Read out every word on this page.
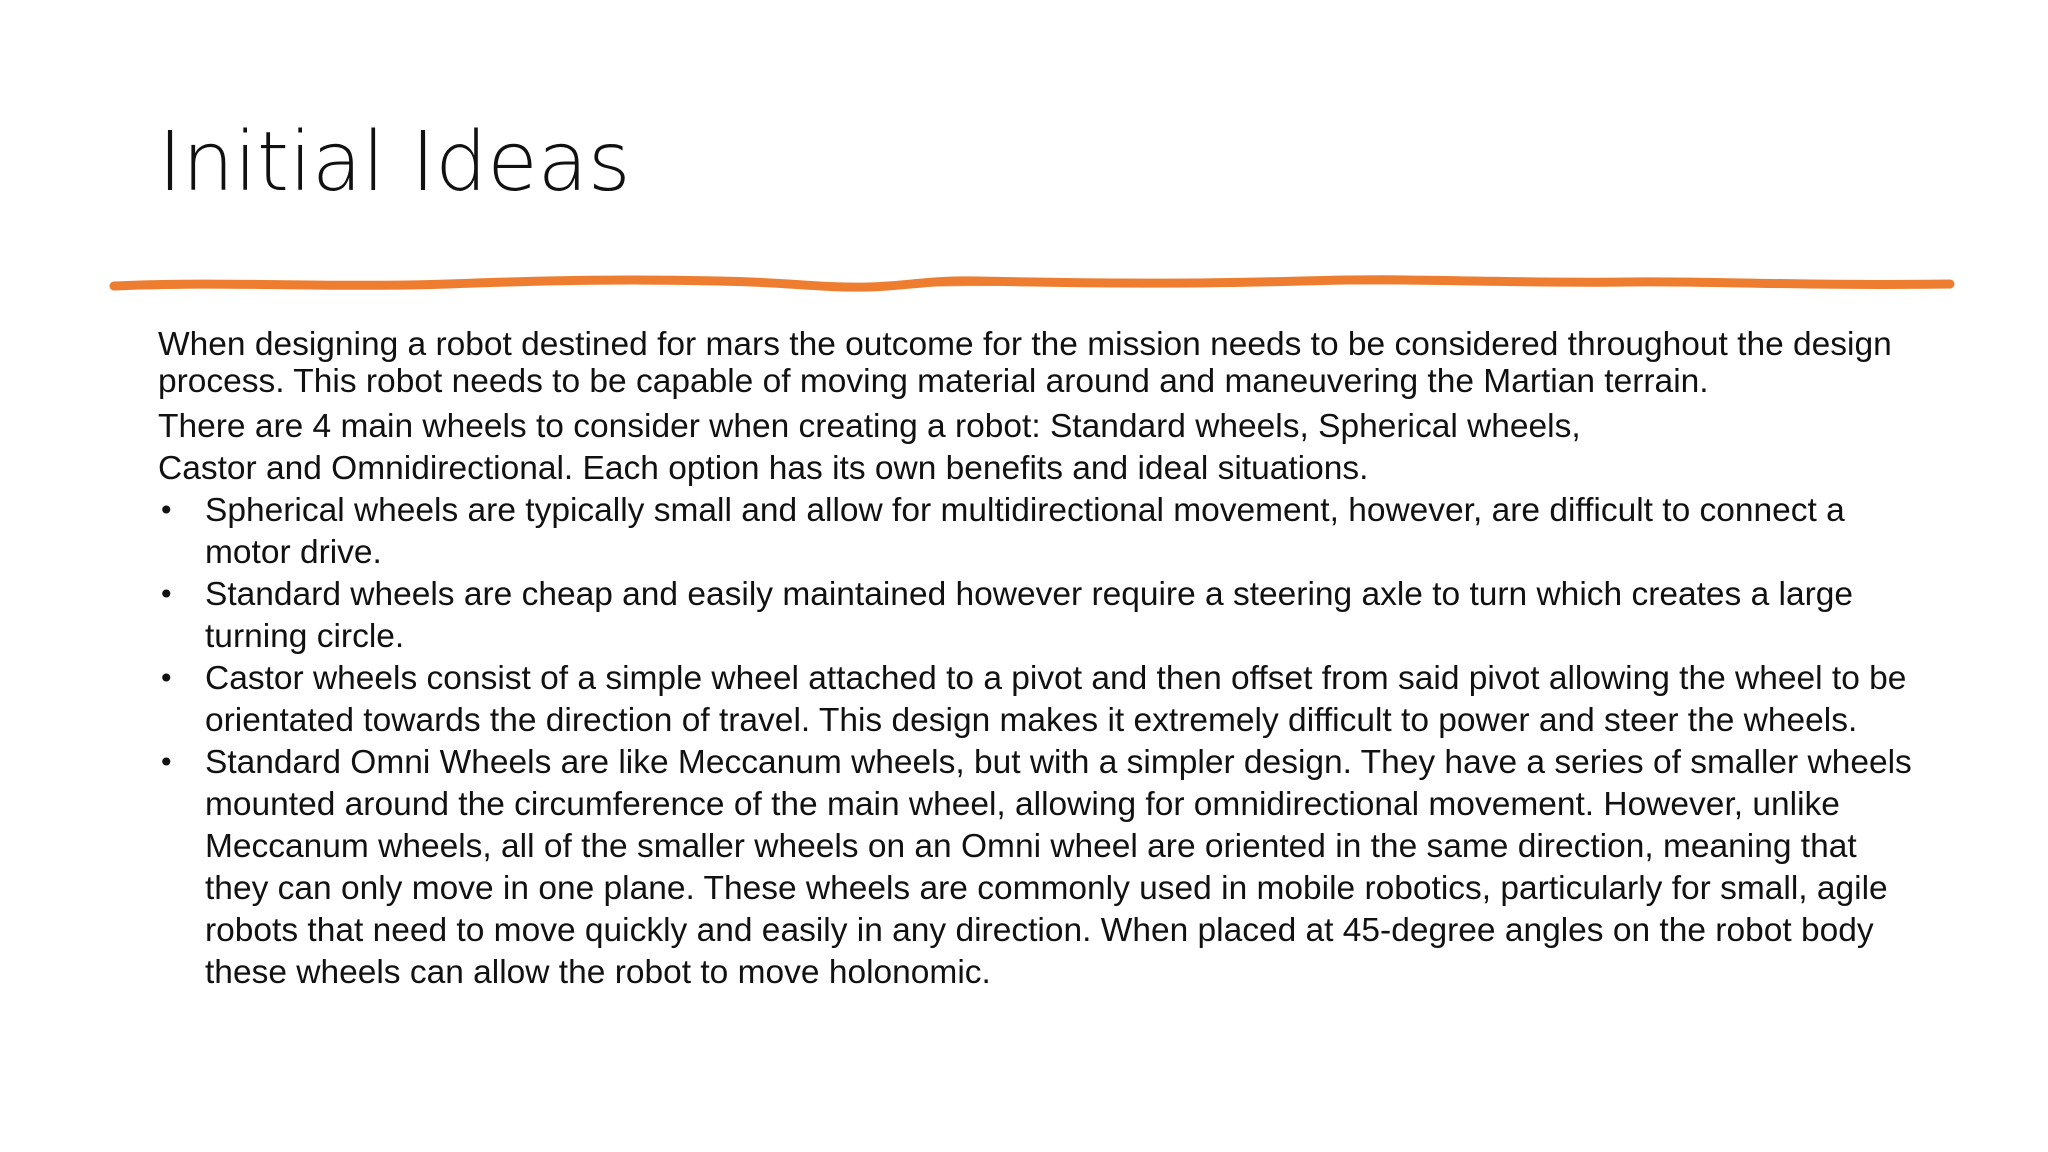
Initial Ideas

When designing a robot destined for mars the outcome for the mission needs to be considered throughout the design process. This robot needs to be capable of moving material around and maneuvering the Martian terrain.

There are 4 main wheels to consider when creating a robot: Standard wheels, Spherical wheels,
Castor and Omnidirectional. Each option has its own benefits and ideal situations.

• Spherical wheels are typically small and allow for multidirectional movement, however, are difficult to connect a motor drive.
• Standard wheels are cheap and easily maintained however require a steering axle to turn which creates a large turning circle.
• Castor wheels consist of a simple wheel attached to a pivot and then offset from said pivot allowing the wheel to be orientated towards the direction of travel. This design makes it extremely difficult to power and steer the wheels.
• Standard Omni Wheels are like Meccanum wheels, but with a simpler design. They have a series of smaller wheels mounted around the circumference of the main wheel, allowing for omnidirectional movement. However, unlike Meccanum wheels, all of the smaller wheels on an Omni wheel are oriented in the same direction, meaning that they can only move in one plane. These wheels are commonly used in mobile robotics, particularly for small, agile robots that need to move quickly and easily in any direction. When placed at 45-degree angles on the robot body these wheels can allow the robot to move holonomic.
